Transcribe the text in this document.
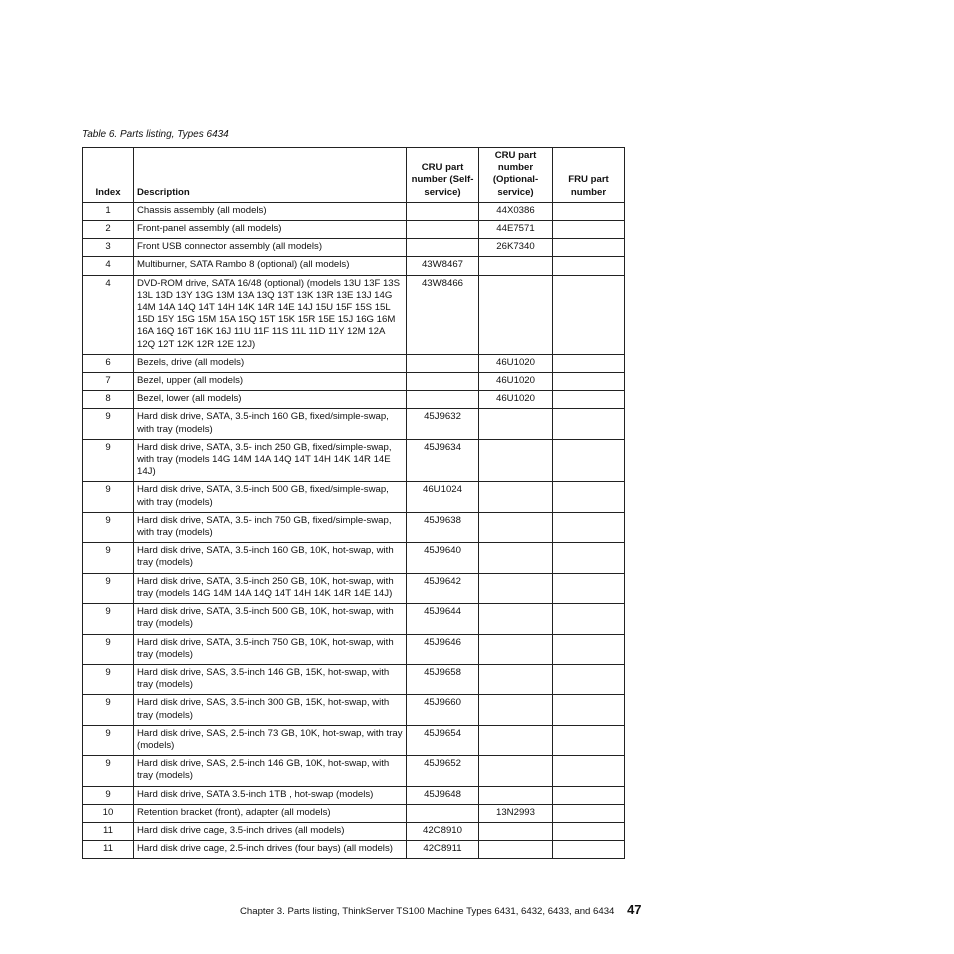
Table 6. Parts listing, Types 6434
Index	Description	CRU part number (Self-service)	CRU part number (Optional-service)	FRU part number
1	Chassis assembly (all models)		44X0386	
2	Front-panel assembly (all models)		44E7571	
3	Front USB connector assembly (all models)		26K7340	
4	Multiburner, SATA Rambo 8 (optional) (all models)	43W8467		
4	DVD-ROM drive, SATA 16/48 (optional) (models 13U 13F 13S 13L 13D 13Y 13G 13M 13A 13Q 13T 13K 13R 13E 13J 14G 14M 14A 14Q 14T 14H 14K 14R 14E 14J 15U 15F 15S 15L 15D 15Y 15G 15M 15A 15Q 15T 15K 15R 15E 15J 16G 16M 16A 16Q 16T 16K 16J 11U 11F 11S 11L 11D 11Y 12M 12A 12Q 12T 12K 12R 12E 12J)	43W8466		
6	Bezels, drive (all models)		46U1020	
7	Bezel, upper (all models)		46U1020	
8	Bezel, lower (all models)		46U1020	
9	Hard disk drive, SATA, 3.5-inch 160 GB, fixed/simple-swap, with tray (models)	45J9632		
9	Hard disk drive, SATA, 3.5- inch 250 GB, fixed/simple-swap, with tray (models 14G 14M 14A 14Q 14T 14H 14K 14R 14E 14J)	45J9634		
9	Hard disk drive, SATA, 3.5-inch 500 GB, fixed/simple-swap, with tray (models)	46U1024		
9	Hard disk drive, SATA, 3.5- inch 750 GB, fixed/simple-swap, with tray (models)	45J9638		
9	Hard disk drive, SATA, 3.5-inch 160 GB, 10K, hot-swap, with tray (models)	45J9640		
9	Hard disk drive, SATA, 3.5-inch 250 GB, 10K, hot-swap, with tray (models 14G 14M 14A 14Q 14T 14H 14K 14R 14E 14J)	45J9642		
9	Hard disk drive, SATA, 3.5-inch 500 GB, 10K, hot-swap, with tray (models)	45J9644		
9	Hard disk drive, SATA, 3.5-inch 750 GB, 10K, hot-swap, with tray (models)	45J9646		
9	Hard disk drive, SAS, 3.5-inch 146 GB, 15K, hot-swap, with tray (models)	45J9658		
9	Hard disk drive, SAS, 3.5-inch 300 GB, 15K, hot-swap, with tray (models)	45J9660		
9	Hard disk drive, SAS, 2.5-inch 73 GB, 10K, hot-swap, with tray (models)	45J9654		
9	Hard disk drive, SAS, 2.5-inch 146 GB, 10K, hot-swap, with tray (models)	45J9652		
9	Hard disk drive, SATA 3.5-inch 1TB , hot-swap (models)	45J9648		
10	Retention bracket (front), adapter (all models)		13N2993	
11	Hard disk drive cage, 3.5-inch drives (all models)	42C8910		
11	Hard disk drive cage, 2.5-inch drives (four bays) (all models)	42C8911		
Chapter 3. Parts listing, ThinkServer TS100 Machine Types 6431, 6432, 6433, and 6434 47
